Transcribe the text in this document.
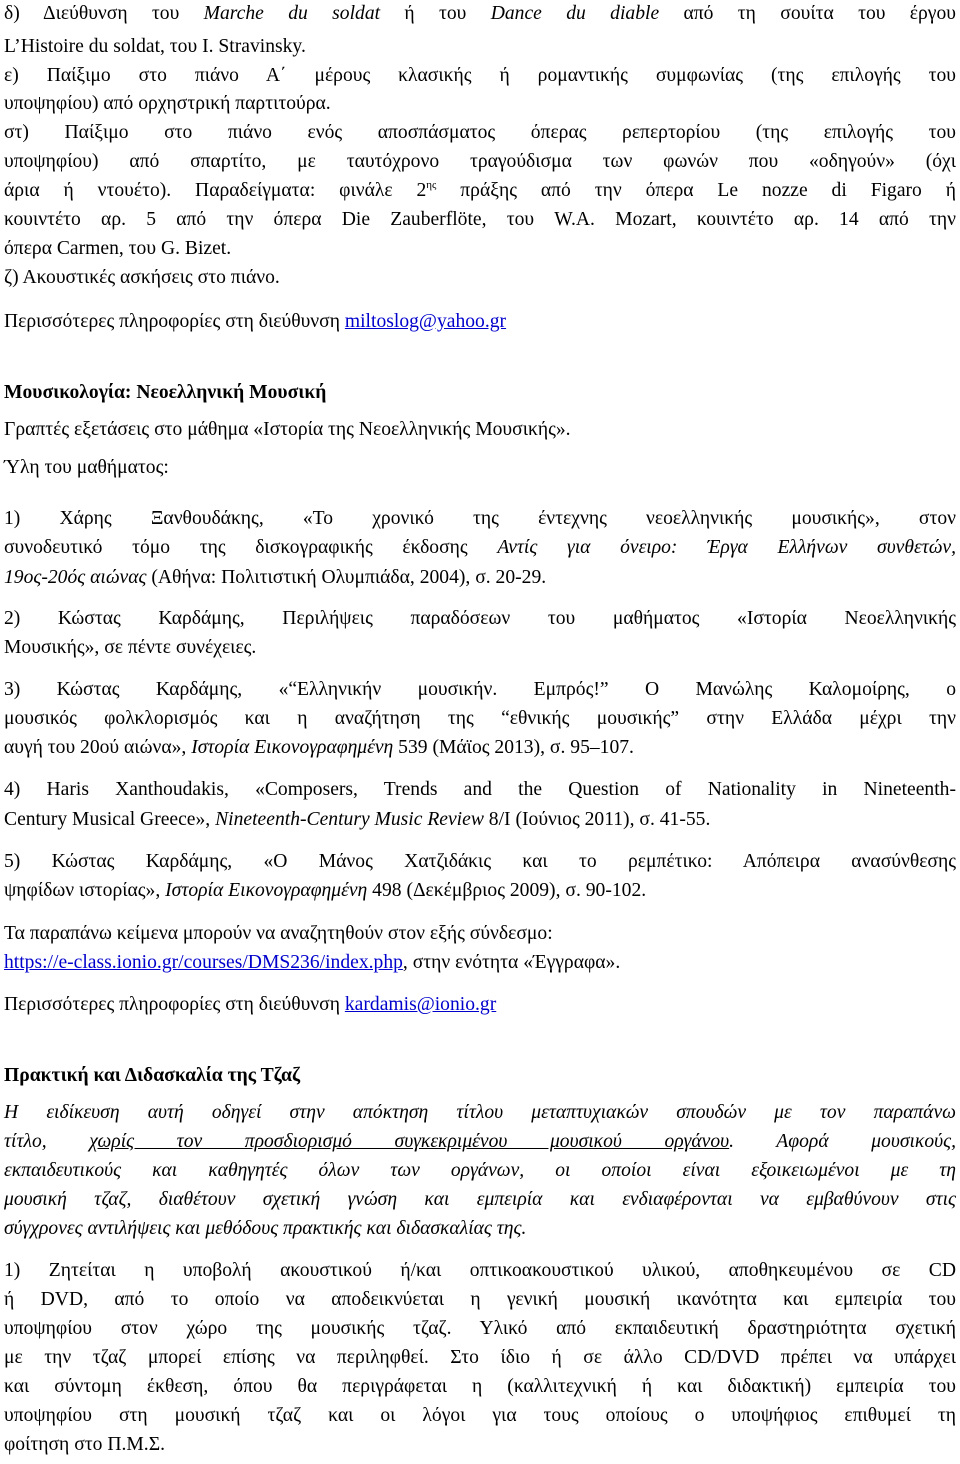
δ) Διεύθυνση του Marche du soldat ή του Dance du diable από τη σουίτα του έργου
L’Histoire du soldat, του I. Stravinsky.
ε) Παίξιμο στο πιάνο Α΄ μέρους κλασικής ή ρομαντικής συμφωνίας (της επιλογής του
υποψηφίου) από ορχηστρική παρτιτούρα.
στ) Παίξιμο στο πιάνο ενός αποσπάσματος όπερας ρεπερτορίου (της επιλογής του
υποψηφίου) από σπαρτίτο, με ταυτόχρονο τραγούδισμα των φωνών που «οδηγούν» (όχι
άρια ή ντουέτο). Παραδείγματα: φινάλε $2^{\eta\varsigma}$ πράξης από την όπερα Le nozze di Figaro ή
κουιντέτο αρ. 5 από την όπερα Die Zauberflöte, του W.A. Mozart, κουιντέτο αρ. 14 από την
όπερα Carmen, του G. Bizet.
ζ) Ακουστικές ασκήσεις στο πιάνο.
Περισσότερες πληροφορίες στη διεύθυνση miltoslog@yahoo.gr
Μουσικολογία: Νεοελληνική Μουσική
Γραπτές εξετάσεις στο μάθημα «Ιστορία της Νεοελληνικής Μουσικής».
Ύλη του μαθήματος:
1) Χάρης Ξανθουδάκης, «Το χρονικό της έντεχνης νεοελληνικής μουσικής», στον
συνοδευτικό τόμο της δισκογραφικής έκδοσης Αντίς για όνειρο: Έργα Ελλήνων συνθετών,
19ος-20ός αιώνας (Αθήνα: Πολιτιστική Ολυμπιάδα, 2004), σ. 20-29.
2) Κώστας Καρδάμης, Περιλήψεις παραδόσεων του μαθήματος «Ιστορία Νεοελληνικής
Μουσικής», σε πέντε συνέχειες.
3) Κώστας Καρδάμης, «“Ελληνικήν μουσικήν. Εμπρός!” Ο Μανώλης Καλομοίρης, ο
μουσικός φολκλορισμός και η αναζήτηση της “εθνικής μουσικής” στην Ελλάδα μέχρι την
αυγή του 20ού αιώνα», Ιστορία Εικονογραφημένη 539 (Μάϊος 2013), σ. 95–107.
4) Haris Xanthoudakis, «Composers, Trends and the Question of Nationality in Nineteenth-
Century Musical Greece», Nineteenth-Century Music Review 8/I (Ιούνιος 2011), σ. 41-55.
5) Κώστας Καρδάμης, «Ο Μάνος Χατζιδάκις και το ρεμπέτικο: Απόπειρα ανασύνθεσης
ψηφίδων ιστορίας», Ιστορία Εικονογραφημένη 498 (Δεκέμβριος 2009), σ. 90-102.
Τα παραπάνω κείμενα μπορούν να αναζητηθούν στον εξής σύνδεσμο:
https://e-class.ionio.gr/courses/DMS236/index.php, στην ενότητα «Έγγραφα».
Περισσότερες πληροφορίες στη διεύθυνση kardamis@ionio.gr
Πρακτική και Διδασκαλία της Τζαζ
Η ειδίκευση αυτή οδηγεί στην απόκτηση τίτλου μεταπτυχιακών σπουδών με τον παραπάνω
τίτλο, χωρίς τον προσδιορισμό συγκεκριμένου μουσικού οργάνου. Αφορά μουσικούς,
εκπαιδευτικούς και καθηγητές όλων των οργάνων, οι οποίοι είναι εξοικειωμένοι με τη
μουσική τζαζ, διαθέτουν σχετική γνώση και εμπειρία και ενδιαφέρονται να εμβαθύνουν στις
σύγχρονες αντιλήψεις και μεθόδους πρακτικής και διδασκαλίας της.
1) Ζητείται η υποβολή ακουστικού ή/και οπτικοακουστικού υλικού, αποθηκευμένου σε CD
ή DVD, από το οποίο να αποδεικνύεται η γενική μουσική ικανότητα και εμπειρία του
υποψηφίου στον χώρο της μουσικής τζαζ. Υλικό από εκπαιδευτική δραστηριότητα σχετική
με την τζαζ μπορεί επίσης να περιληφθεί. Στο ίδιο ή σε άλλο CD/DVD πρέπει να υπάρχει
και σύντομη έκθεση, όπου θα περιγράφεται η (καλλιτεχνική ή και διδακτική) εμπειρία του
υποψηφίου στη μουσική τζαζ και οι λόγοι για τους οποίους ο υποψήφιος επιθυμεί τη
φοίτηση στο Π.Μ.Σ.
